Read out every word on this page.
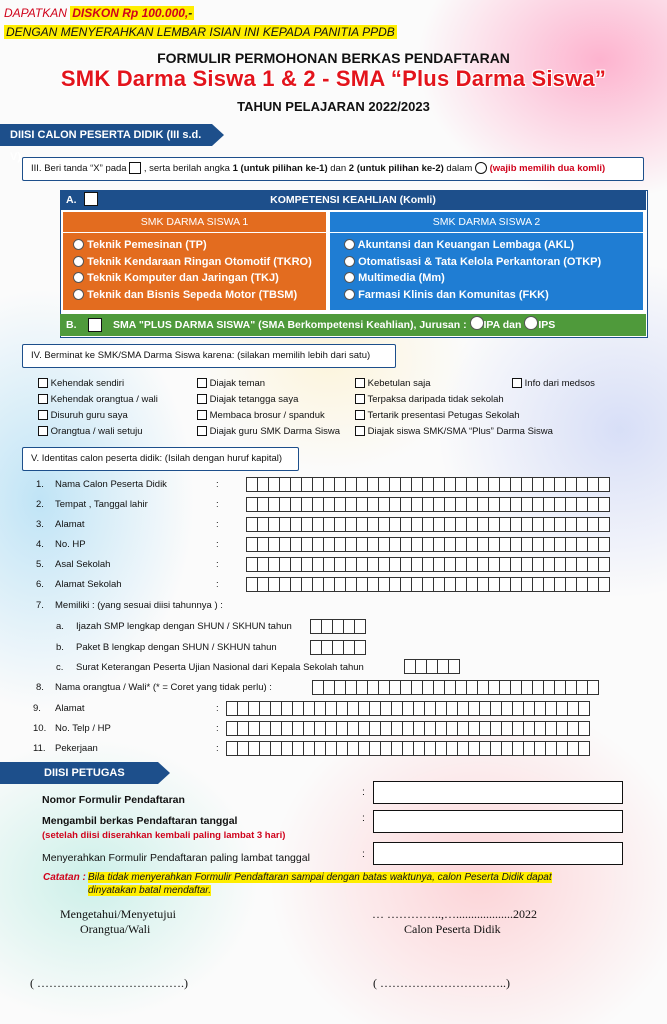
DAPATKAN DISKON Rp 100.000,-
DENGAN MENYERAHKAN LEMBAR ISIAN INI KEPADA PANITIA PPDB
FORMULIR PERMOHONAN BERKAS PENDAFTARAN
SMK Darma Siswa 1 & 2 - SMA “Plus Darma Siswa”
TAHUN PELAJARAN 2022/2023
DIISI CALON PESERTA DIDIK (III s.d. V)
III. Beri tanda “X” pada , serta berilah angka 1 (untuk pilihan ke-1) dan 2 (untuk pilihan ke-2) dalam (wajib memilih dua komli)
A.	KOMPETENSI KEAHLIAN (Komli)
SMK DARMA SISWA 1
Teknik Pemesinan (TP)
Teknik Kendaraan Ringan Otomotif (TKRO)
Teknik Komputer dan Jaringan (TKJ)
Teknik dan Bisnis Sepeda Motor (TBSM)
SMK DARMA SISWA 2
Akuntansi dan Keuangan Lembaga (AKL)
Otomatisasi & Tata Kelola Perkantoran (OTKP)
Multimedia (Mm)
Farmasi Klinis dan Komunitas (FKK)
B.	SMA "PLUS DARMA SISWA" (SMA Berkompetensi Keahlian), Jurusan : IPA dan IPS
IV. Berminat ke SMK/SMA Darma Siswa karena: (silakan memilih lebih dari satu)
Kehendak sendiri
Kehendak orangtua / wali
Disuruh guru saya
Orangtua / wali setuju
Diajak teman
Diajak tetangga saya
Membaca brosur / spanduk
Diajak guru SMK Darma Siswa
Kebetulan saja
Terpaksa daripada tidak sekolah
Tertarik presentasi Petugas Sekolah
Diajak siswa SMK/SMA “Plus” Darma Siswa
Info dari medsos
V. Identitas calon peserta didik: (Isilah dengan huruf kapital)
1. Nama Calon Peserta Didik	:
2. Tempat , Tanggal lahir	:
3. Alamat	:
4. No. HP	:
5. Asal Sekolah	:
6. Alamat Sekolah	:
7. Memiliki : (yang sesuai diisi tahunnya ) :
a. Ijazah SMP lengkap dengan SHUN / SKHUN tahun
b. Paket B lengkap dengan SHUN / SKHUN tahun
c. Surat Keterangan Peserta Ujian Nasional dari Kepala Sekolah tahun
8. Nama orangtua / Wali* (* = Coret yang tidak perlu) :
9. Alamat	:
10. No. Telp / HP	:
11. Pekerjaan	:
DIISI PETUGAS
Nomor Formulir Pendaftaran
:
Mengambil berkas Pendaftaran tanggal
(setelah diisi diserahkan kembali paling lambat 3 hari)
:
Menyerahkan Formulir Pendaftaran paling lambat tanggal	:
Catatan : Bila tidak menyerahkan Formulir Pendaftaran sampai dengan batas waktunya, calon Peserta Didik dapat
dinyatakan batal mendaftar.
Mengetahui/Menyetujui
Orangtua/Wali
… …………..,…...................2022
Calon Peserta Didik
( ……………………………….)	( …………………………..)
